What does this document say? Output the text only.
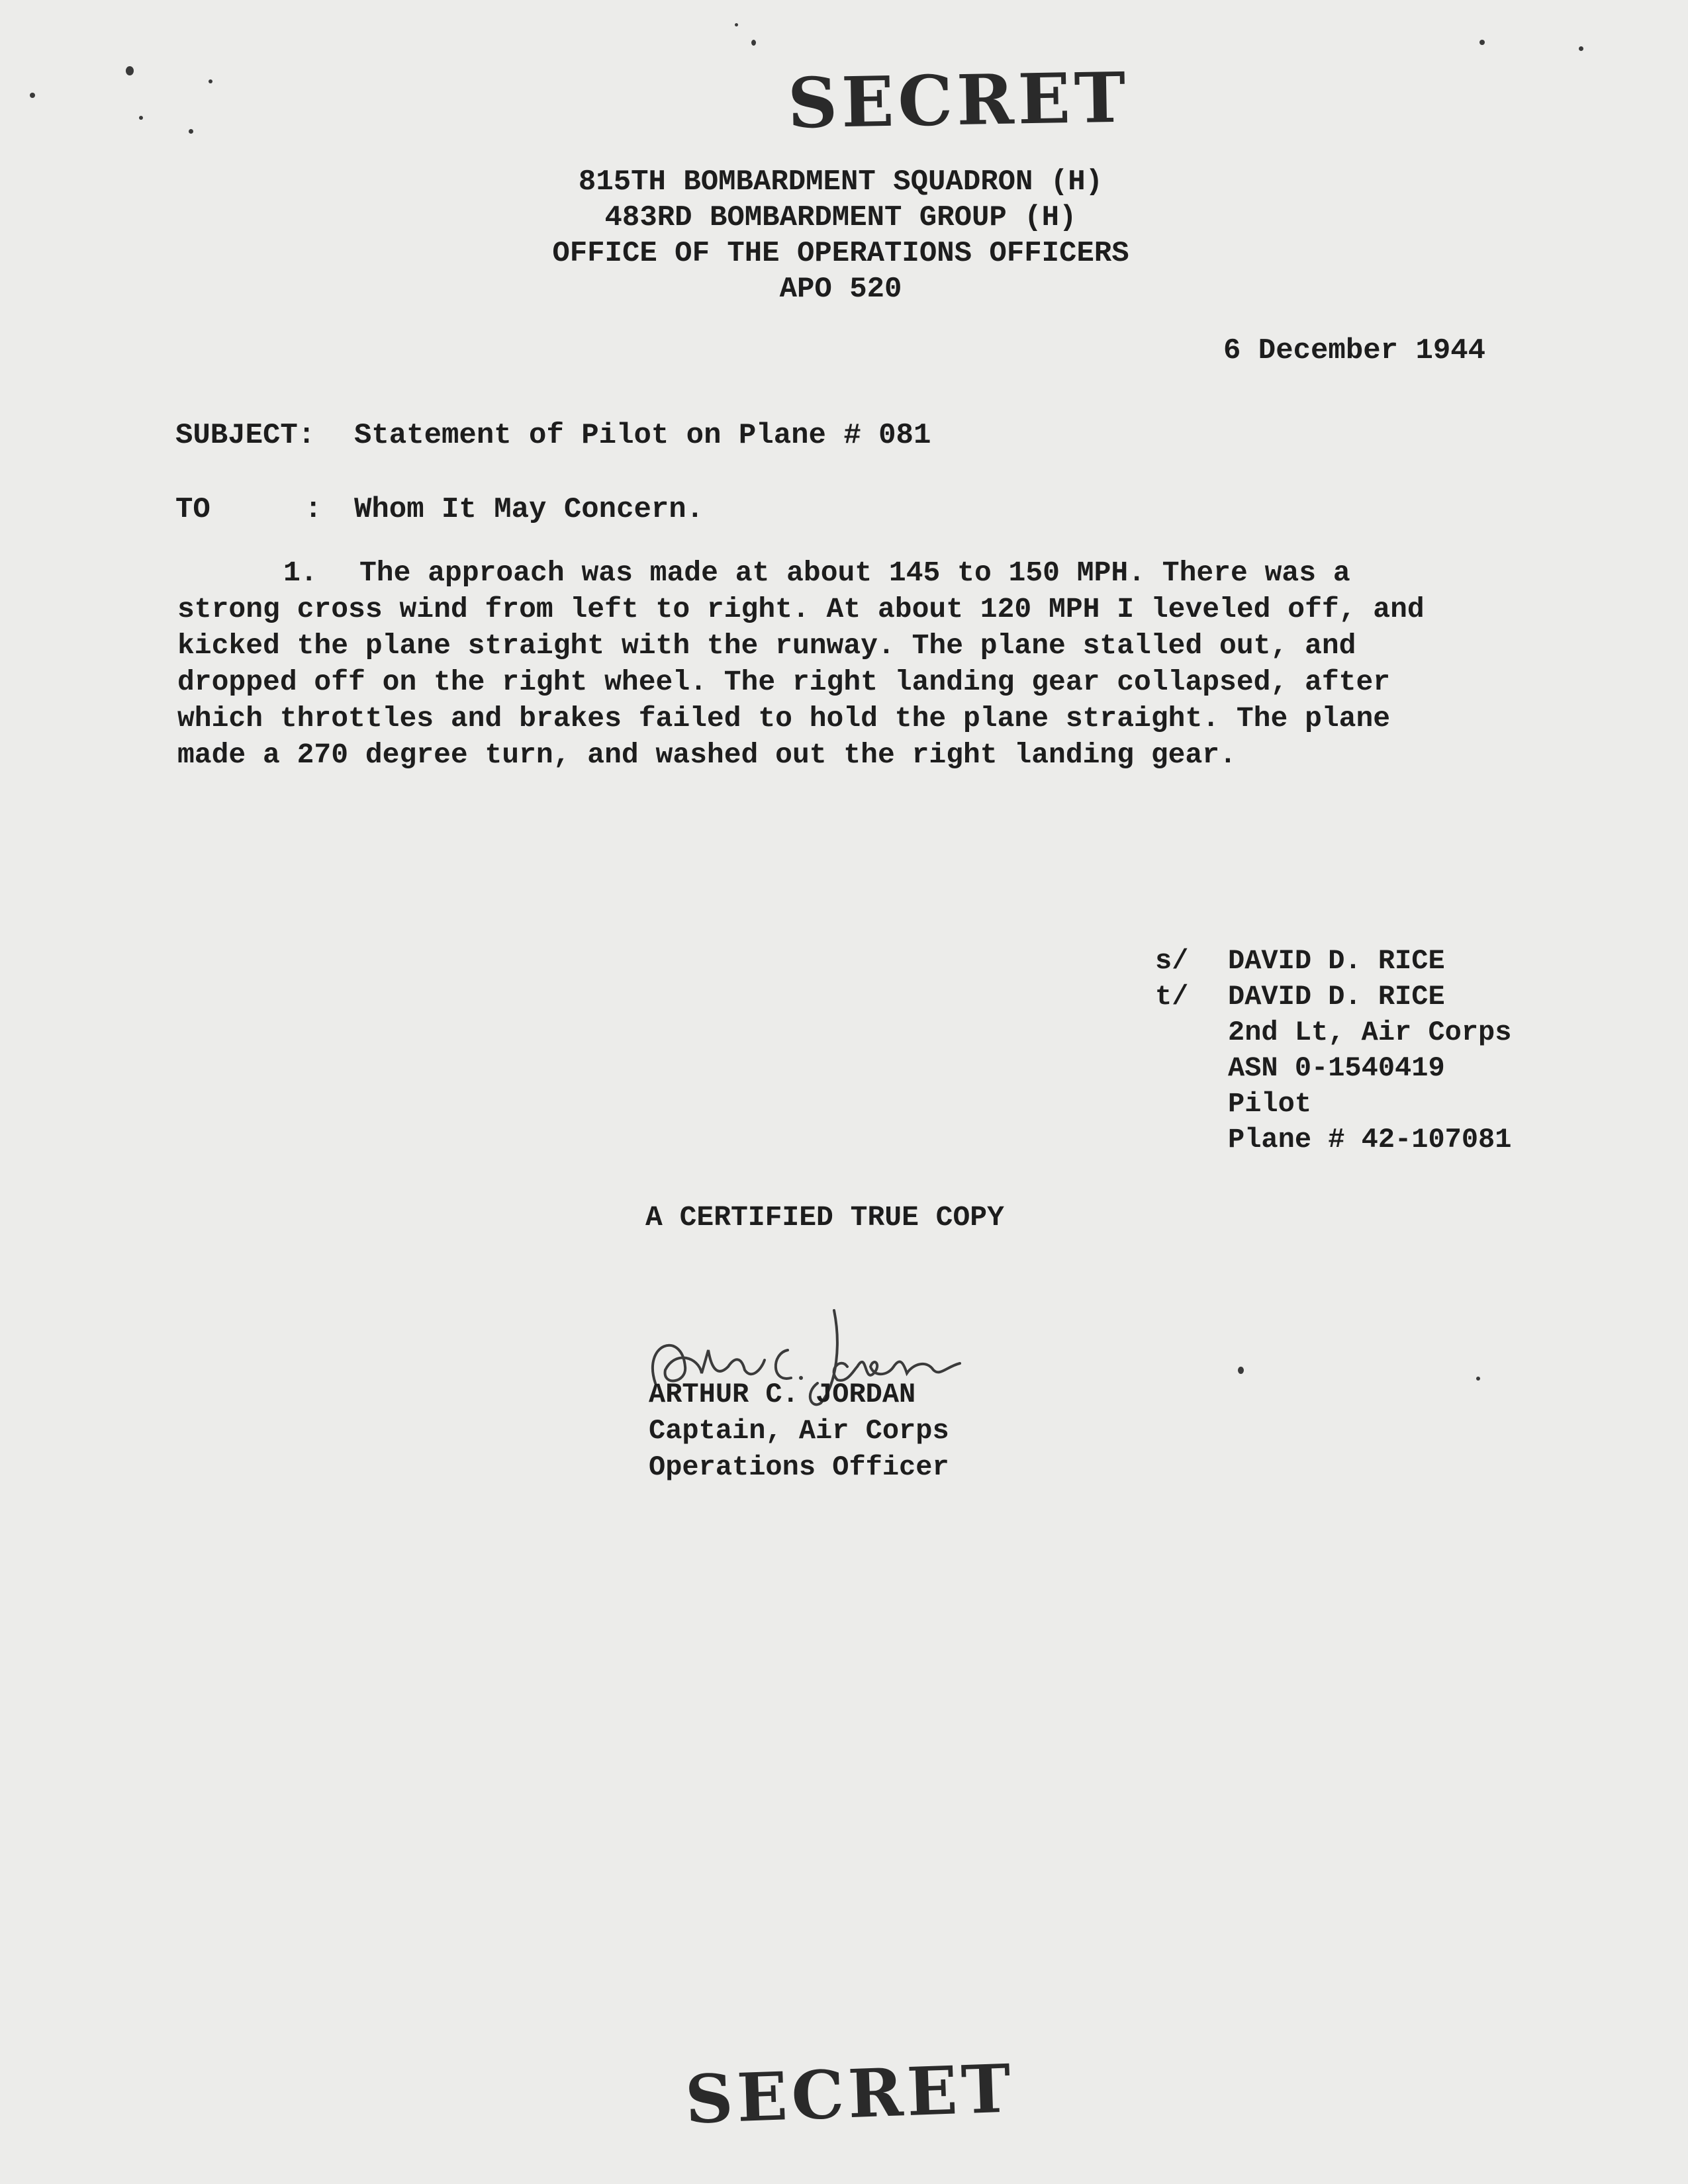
SECRET
815TH BOMBARDMENT SQUADRON (H)
483RD BOMBARDMENT GROUP (H)
OFFICE OF THE OPERATIONS OFFICERS
APO 520
6 December 1944
SUBJECT: Statement of Pilot on Plane # 081
TO	: Whom It May Concern.
1. The approach was made at about 145 to 150 MPH. There was a
strong cross wind from left to right. At about 120 MPH I leveled off, and
kicked the plane straight with the runway. The plane stalled out, and
dropped off on the right wheel. The right landing gear collapsed, after
which throttles and brakes failed to hold the plane straight. The plane
made a 270 degree turn, and washed out the right landing gear.
s/ DAVID D. RICE
t/ DAVID D. RICE
2nd Lt, Air Corps
ASN 0-1540419
Pilot
Plane # 42-107081
A CERTIFIED TRUE COPY
ARTHUR C. JORDAN
Captain, Air Corps
Operations Officer
SECRET
